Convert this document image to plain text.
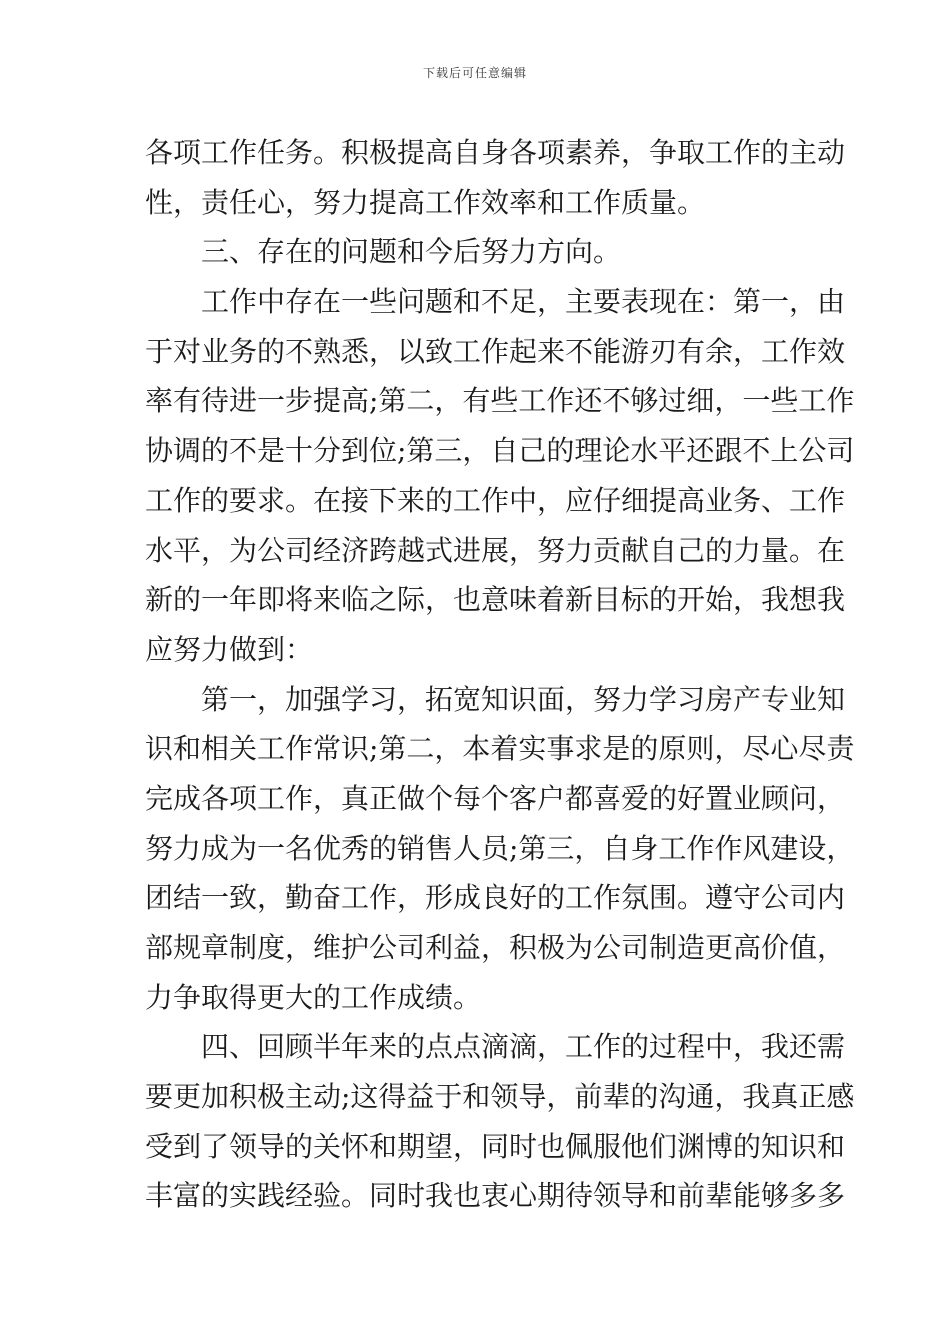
下载后可任意编辑
各项工作任务。积极提高自身各项素养，争取工作的主动
性，责任心，努力提高工作效率和工作质量。
三、存在的问题和今后努力方向。
工作中存在一些问题和不足，主要表现在：第一，由
于对业务的不熟悉，以致工作起来不能游刃有余，工作效
率有待进一步提高;第二，有些工作还不够过细，一些工作
协调的不是十分到位;第三，自己的理论水平还跟不上公司
工作的要求。在接下来的工作中，应仔细提高业务、工作
水平，为公司经济跨越式进展，努力贡献自己的力量。在
新的一年即将来临之际，也意味着新目标的开始，我想我
应努力做到：
第一，加强学习，拓宽知识面，努力学习房产专业知
识和相关工作常识;第二，本着实事求是的原则，尽心尽责
完成各项工作，真正做个每个客户都喜爱的好置业顾问，
努力成为一名优秀的销售人员;第三，自身工作作风建设，
团结一致，勤奋工作，形成良好的工作氛围。遵守公司内
部规章制度，维护公司利益，积极为公司制造更高价值，
力争取得更大的工作成绩。
四、回顾半年来的点点滴滴，工作的过程中，我还需
要更加积极主动;这得益于和领导，前辈的沟通，我真正感
受到了领导的关怀和期望，同时也佩服他们渊博的知识和
丰富的实践经验。同时我也衷心期待领导和前辈能够多多
